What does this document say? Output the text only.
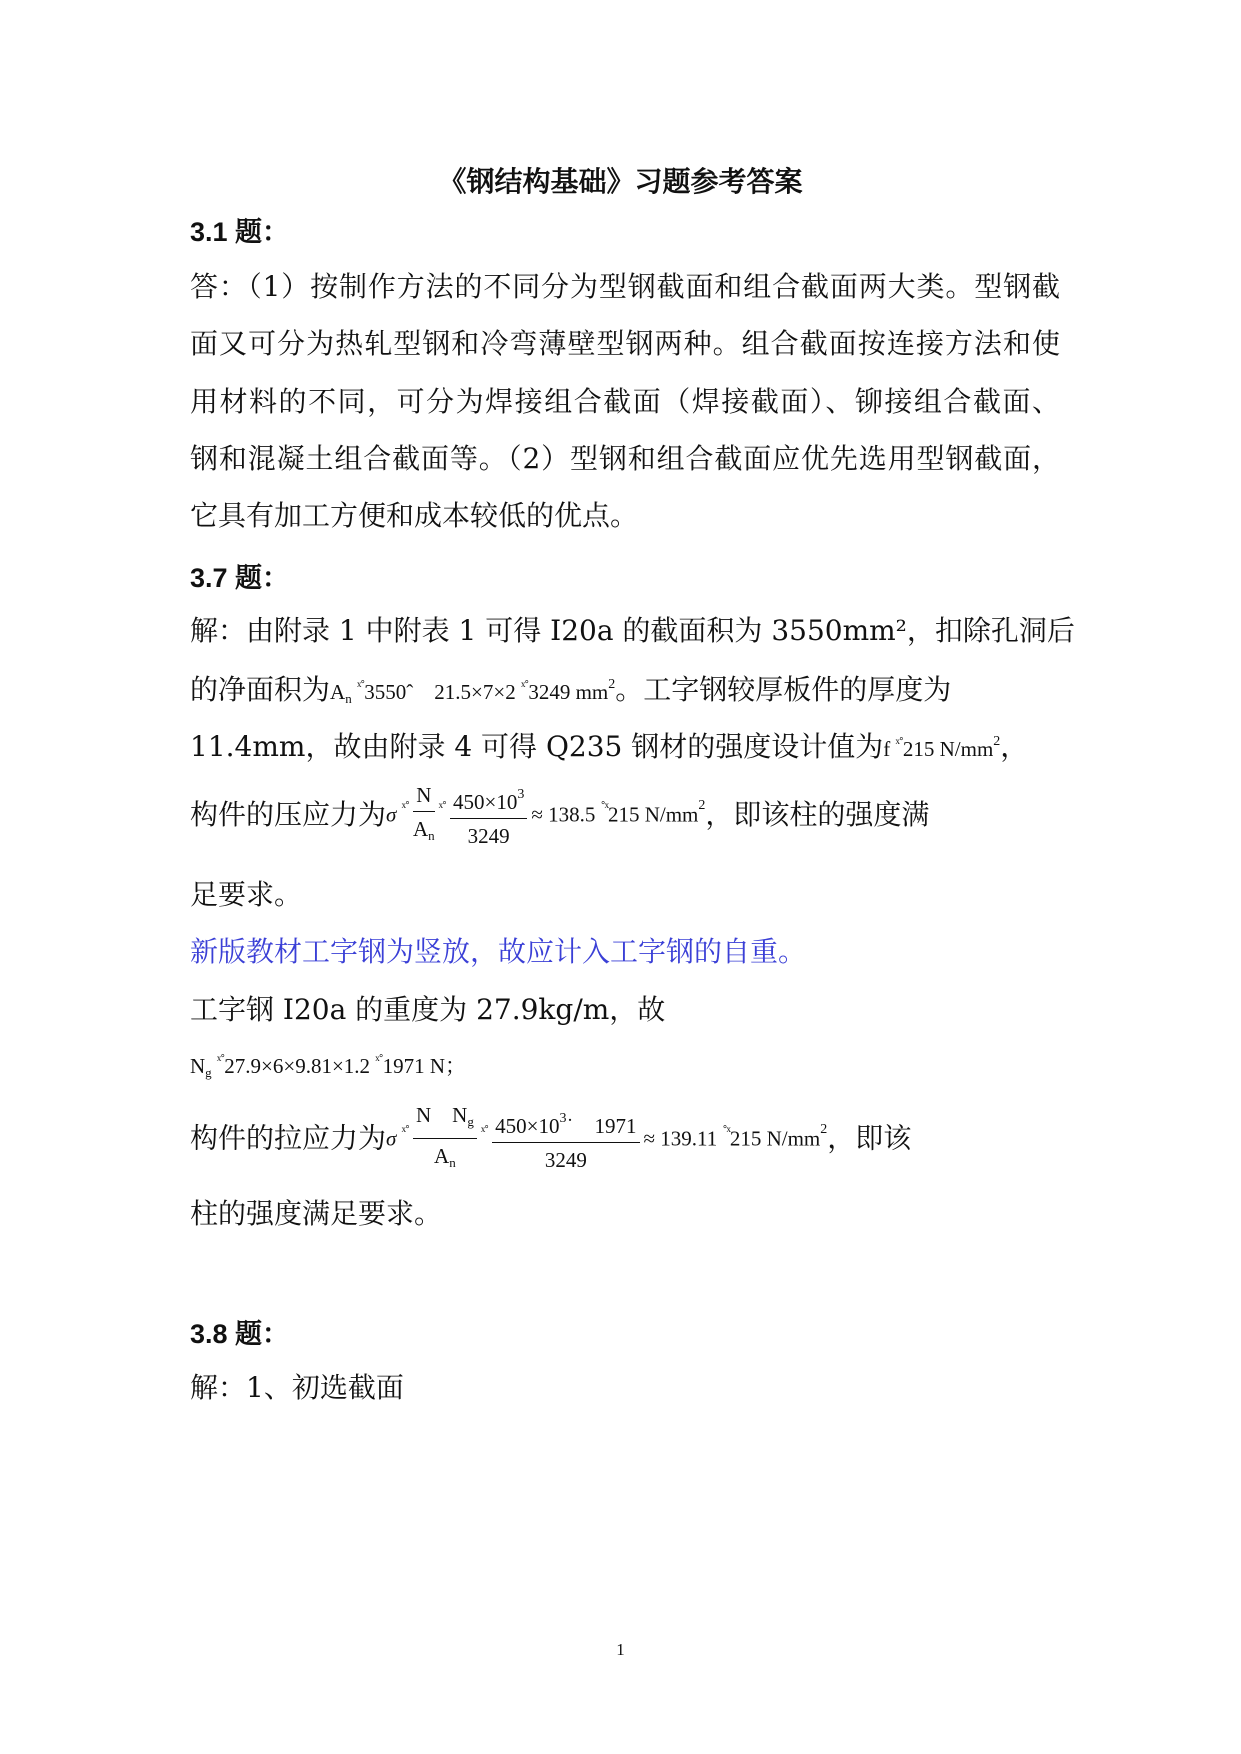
《钢结构基础》习题参考答案
3.1 题：
答：（1）按制作方法的不同分为型钢截面和组合截面两大类。型钢截
面又可分为热轧型钢和冷弯薄壁型钢两种。组合截面按连接方法和使
用材料的不同，可分为焊接组合截面（焊接截面）、铆接组合截面、
钢和混凝土组合截面等。（2）型钢和组合截面应优先选用型钢截面，
它具有加工方便和成本较低的优点。
3.7 题：
解：由附录 1 中附表 1 可得 I20a 的截面积为 3550mm²，扣除孔洞后
的净面积为$A_n$ $^{ˣ˚}$3550ˆ　21.5×7×2 $^{ˣ˚}$3249 $mm^2$。工字钢较厚板件的厚度为
11.4mm，故由附录 4 可得 Q235 钢材的强度设计值为f $^{ˣ˚}$215 $N/mm^2$，
构件的压应力为σ $^{ˣ˚} \frac{N}{A_n} ^{ˣ˚} \frac{450\times 10^3}{3249} \approx 138.5$ $^{˚ˣ}$215 $N/mm^2$，即该柱的强度满
足要求。
新版教材工字钢为竖放，故应计入工字钢的自重。
工字钢 I20a 的重度为 27.9kg/m，故
$N_g$ $^{ˣ˚}$27.9×6×9.81×1.2 $^{ˣ˚}$1971 N；
构件的拉应力为σ $^{ˣ˚} \frac{N N_g}{A_n} ^{ˣ˚} \frac{450\times 10^3˙ 1971}{3249} \approx 139.11$ $^{˚ˣ}$215 $N/mm^2$，即该
柱的强度满足要求。
3.8 题：
解：1、初选截面
1
